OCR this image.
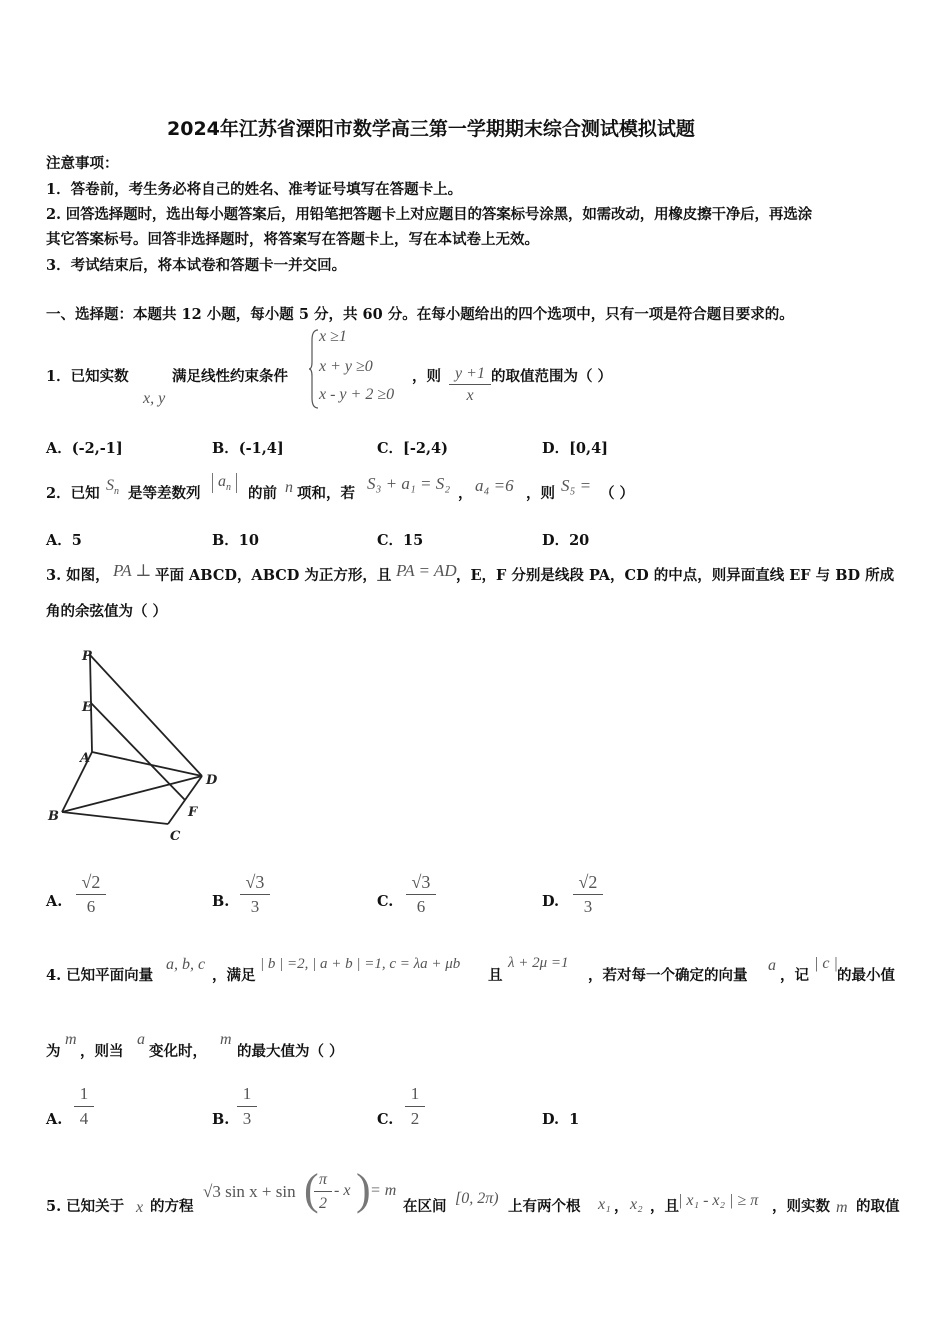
2024年江苏省溧阳市数学高三第一学期期末综合测试模拟试题
注意事项：
1．答卷前，考生务必将自己的姓名、准考证号填写在答题卡上。
2. 回答选择题时，选出每小题答案后，用铅笔把答题卡上对应题目的答案标号涂黑，如需改动，用橡皮擦干净后，再选涂
其它答案标号。回答非选择题时，将答案写在答题卡上，写在本试卷上无效。
3．考试结束后，将本试卷和答题卡一并交回。
一、选择题：本题共 12 小题，每小题 5 分，共 60 分。在每小题给出的四个选项中，只有一项是符合题目要求的。
1．已知实数
x, y
满足线性约束条件
x ≥1
x + y ≥0
x - y + 2 ≥0
，则 $\frac{y +1}{x}$ 的取值范围为（ ）
A．(-2,-1]	B．(-1,4]	C．[-2,4)	D．[0,4]
2．已知 $S_n$ 是等差数列
$a_n$	的前 n 项和，若
S₃ + a₁ = S₂
， a₄ =6 ，则 S₅ = （ ）
A．5	B．10	C．15	D．20
3. 如图， PA ⊥ 平面 ABCD，ABCD 为正方形，且 PA = AD ，E，F 分别是线段 PA，CD 的中点，则异面直线 EF 与 BD 所成
角的余弦值为（ ）
P
E
A
D
F
B
C
A. $\frac{√2}{6}$	B. $\frac{√3}{3}$	C. $\frac{√3}{6}$	D. $\frac{√2}{3}$
4. 已知平面向量
a, b, c
，满足
| b | =2, | a + b | =1, c = λa + μb
且
λ + 2μ =1
，若对每一个确定的向量
a
，记
| c |
的最小值
为
m
，则当
a
变化时，
m
的最大值为（ ）
A. $\frac{1}{4}$	B. $\frac{1}{3}$	C. $\frac{1}{2}$	D. 1
5. 已知关于 x 的方程
√3 sin x + sin (
$\frac{\pi}{2}$ - x ) = m
在区间 [0, 2π) 上有两个根 x₁ ， x₂ ，且 | x₁ - x₂ | ≥ π ，则实数 m 的取值
